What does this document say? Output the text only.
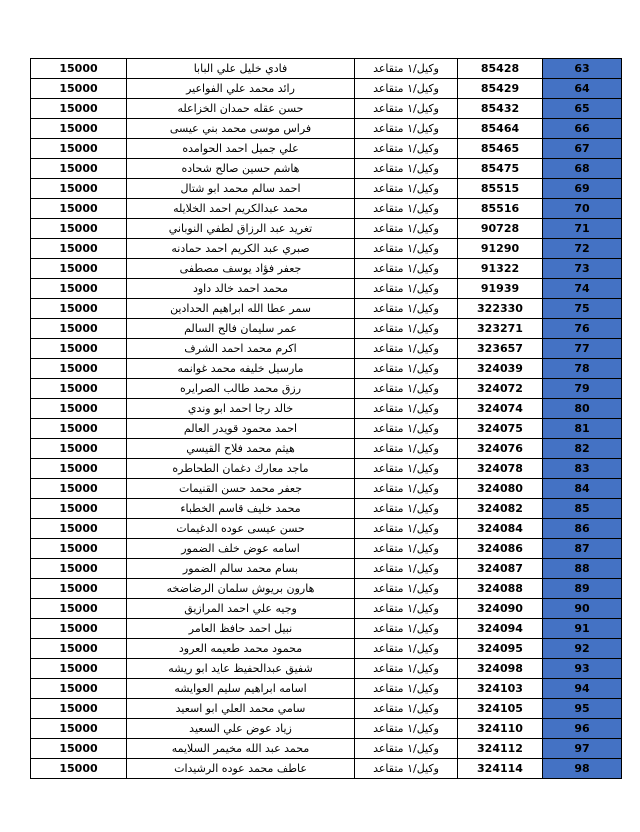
15000	فادي خليل علي البابا	وكيل/١ متقاعد	85428	63
15000	رائد محمد علي الفواعير	وكيل/١ متقاعد	85429	64
15000	حسن عقله حمدان الخزاعله	وكيل/١ متقاعد	85432	65
15000	فراس موسى محمد بني عيسى	وكيل/١ متقاعد	85464	66
15000	علي جميل احمد الحوامده	وكيل/١ متقاعد	85465	67
15000	هاشم حسين صالح شحاده	وكيل/١ متقاعد	85475	68
15000	احمد سالم محمد ابو شتال	وكيل/١ متقاعد	85515	69
15000	محمد عبدالكريم احمد الخلايله	وكيل/١ متقاعد	85516	70
15000	تغريد عبد الرزاق لطفي النوباني	وكيل/١ متقاعد	90728	71
15000	صبري عبد الكريم احمد حمادنه	وكيل/١ متقاعد	91290	72
15000	جعفر فؤاد يوسف مصطفى	وكيل/١ متقاعد	91322	73
15000	محمد احمد خالد داود	وكيل/١ متقاعد	91939	74
15000	سمر عطا الله ابراهيم الحدادين	وكيل/١ متقاعد	322330	75
15000	عمر سليمان فالح السالم	وكيل/١ متقاعد	323271	76
15000	اكرم محمد احمد الشرف	وكيل/١ متقاعد	323657	77
15000	مارسيل خليفه محمد غوانمه	وكيل/١ متقاعد	324039	78
15000	رزق محمد طالب الصرايره	وكيل/١ متقاعد	324072	79
15000	خالد رجا احمد ابو وندي	وكيل/١ متقاعد	324074	80
15000	احمد محمود قويدر العالم	وكيل/١ متقاعد	324075	81
15000	هيثم محمد فلاح القيسي	وكيل/١ متقاعد	324076	82
15000	ماجد معارك دغمان الطحاطره	وكيل/١ متقاعد	324078	83
15000	جعفر محمد حسن القنيمات	وكيل/١ متقاعد	324080	84
15000	محمد خليف قاسم الخطباء	وكيل/١ متقاعد	324082	85
15000	حسن عيسى عوده الدغيمات	وكيل/١ متقاعد	324084	86
15000	اسامه عوض خلف الضمور	وكيل/١ متقاعد	324086	87
15000	بسام محمد سالم الضمور	وكيل/١ متقاعد	324087	88
15000	هارون بريوش سلمان الرضاضخه	وكيل/١ متقاعد	324088	89
15000	وجيه علي احمد المرازيق	وكيل/١ متقاعد	324090	90
15000	نبيل احمد حافظ العامر	وكيل/١ متقاعد	324094	91
15000	محمود محمد طعيمه العرود	وكيل/١ متقاعد	324095	92
15000	شفيق عبدالحفيظ عايد ابو ريشه	وكيل/١ متقاعد	324098	93
15000	اسامه ابراهيم سليم العوايشه	وكيل/١ متقاعد	324103	94
15000	سامي محمد العلي ابو اسعيد	وكيل/١ متقاعد	324105	95
15000	زياد عوض علي السعيد	وكيل/١ متقاعد	324110	96
15000	محمد عبد الله مخيمر السلايمه	وكيل/١ متقاعد	324112	97
15000	عاطف محمد عوده الرشيدات	وكيل/١ متقاعد	324114	98
